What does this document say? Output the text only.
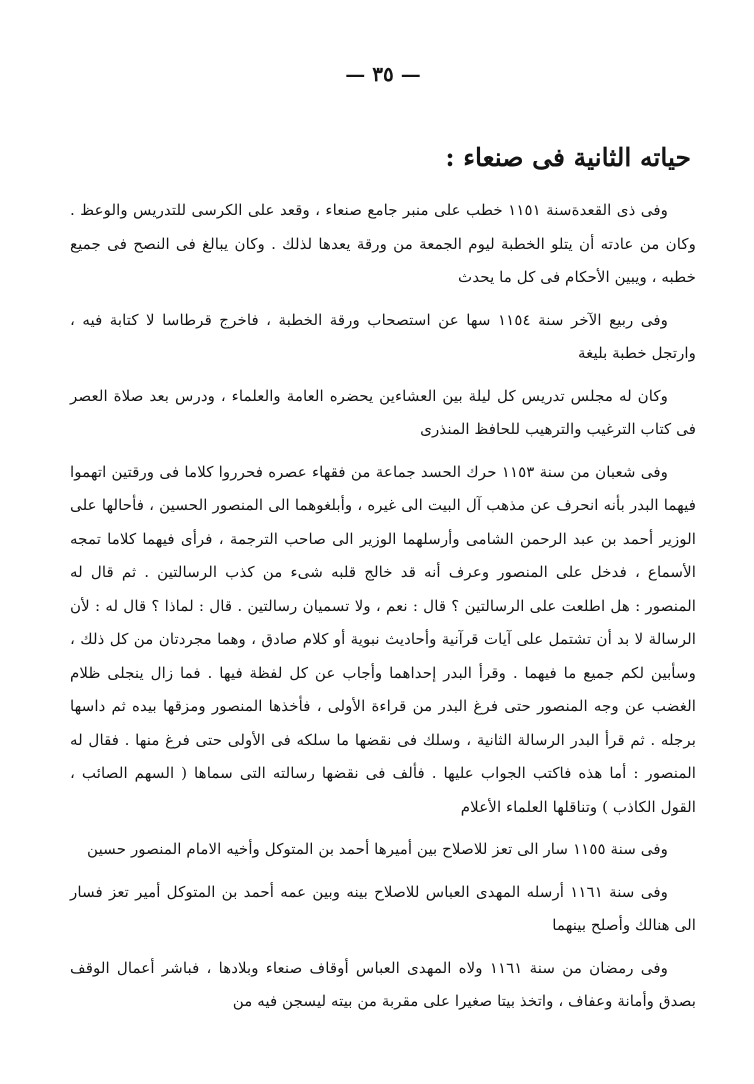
— ٣٥ —
حياته الثانية فى صنعاء :

وفى ذى القعدةسنة ١١٥١ خطب على منبر جامع صنعاء ، وقعد على الكرسى للتدريس والوعظ . وكان من عادته أن يتلو الخطبة ليوم الجمعة من ورقة يعدها لذلك . وكان يبالغ فى النصح فى جميع خطبه ، ويبين الأحكام فى كل ما يحدث

وفى ربيع الآخر سنة ١١٥٤ سها عن استصحاب ورقة الخطبة ، فاخرج قرطاسا لا كتابة فيه ، وارتجل خطبة بليغة

وكان له مجلس تدريس كل ليلة بين العشاءين يحضره العامة والعلماء ، ودرس بعد صلاة العصر فى كتاب الترغيب والترهيب للحافظ المنذرى

وفى شعبان من سنة ١١٥٣ حرك الحسد جماعة من فقهاء عصره فحرروا كلاما فى ورقتين اتهموا فيهما البدر بأنه انحرف عن مذهب آل البيت الى غيره ، وأبلغوهما الى المنصور الحسين ، فأحالها على الوزير أحمد بن عبد الرحمن الشامى وأرسلهما الوزير الى صاحب الترجمة ، فرأى فيهما كلاما تمجه الأسماع ، فدخل على المنصور وعرف أنه قد خالج قلبه شىء من كذب الرسالتين . ثم قال له المنصور : هل اطلعت على الرسالتين ؟ قال : نعم ، ولا تسميان رسالتين . قال : لماذا ؟ قال له : لأن الرسالة لا بد أن تشتمل على آيات قرآنية وأحاديث نبوية أو كلام صادق ، وهما مجردتان من كل ذلك ، وسأبين لكم جميع ما فيهما . وقرأ البدر إحداهما وأجاب عن كل لفظة فيها . فما زال ينجلى ظلام الغضب عن وجه المنصور حتى فرغ البدر من قراءة الأولى ، فأخذها المنصور ومزقها بيده ثم داسها برجله . ثم قرأ البدر الرسالة الثانية ، وسلك فى نقضها ما سلكه فى الأولى حتى فرغ منها . فقال له المنصور : أما هذه فاكتب الجواب عليها . فألف فى نقضها رسالته التى سماها ( السهم الصائب ، القول الكاذب ) وتناقلها العلماء الأعلام

وفى سنة ١١٥٥ سار الى تعز للاصلاح بين أميرها أحمد بن المتوكل وأخيه الامام المنصور حسين

وفى سنة ١١٦١ أرسله المهدى العباس للاصلاح بينه وبين عمه أحمد بن المتوكل أمير تعز فسار الى هنالك وأصلح بينهما

وفى رمضان من سنة ١١٦١ ولاه المهدى العباس أوقاف صنعاء وبلادها ، فباشر أعمال الوقف بصدق وأمانة وعفاف ، واتخذ بيتا صغيرا على مقربة من بيته ليسجن فيه من
